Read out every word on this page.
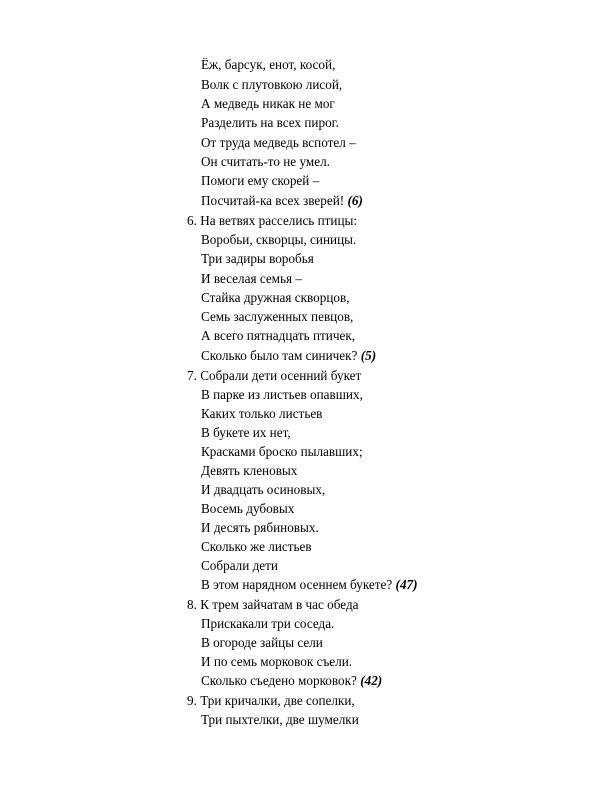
Ёж, барсук, енот, косой,
Волк с плутовкою лисой,
А медведь никак не мог
Разделить на всех пирог.
От труда медведь вспотел –
Он считать-то не умел.
Помоги ему скорей –
Посчитай-ка всех зверей! (6)
6. На ветвях расселись птицы:
Воробьи, скворцы, синицы.
Три задиры воробья
И веселая семья –
Стайка дружная скворцов,
Семь заслуженных певцов,
А всего пятнадцать птичек,
Сколько было там синичек? (5)
7. Собрали дети осенний букет
В парке из листьев опавших,
Каких только листьев
В букете их нет,
Красками броско пылавших;
Девять кленовых
И двадцать осиновых,
Восемь дубовых
И десять рябиновых.
Сколько же листьев
Собрали дети
В этом нарядном осеннем букете? (47)
8. К трем зайчатам в час обеда
Прискакали три соседа.
В огороде зайцы сели
И по семь морковок съели.
Сколько съедено морковок? (42)
9. Три кричалки, две сопелки,
Три пыхтелки, две шумелки
